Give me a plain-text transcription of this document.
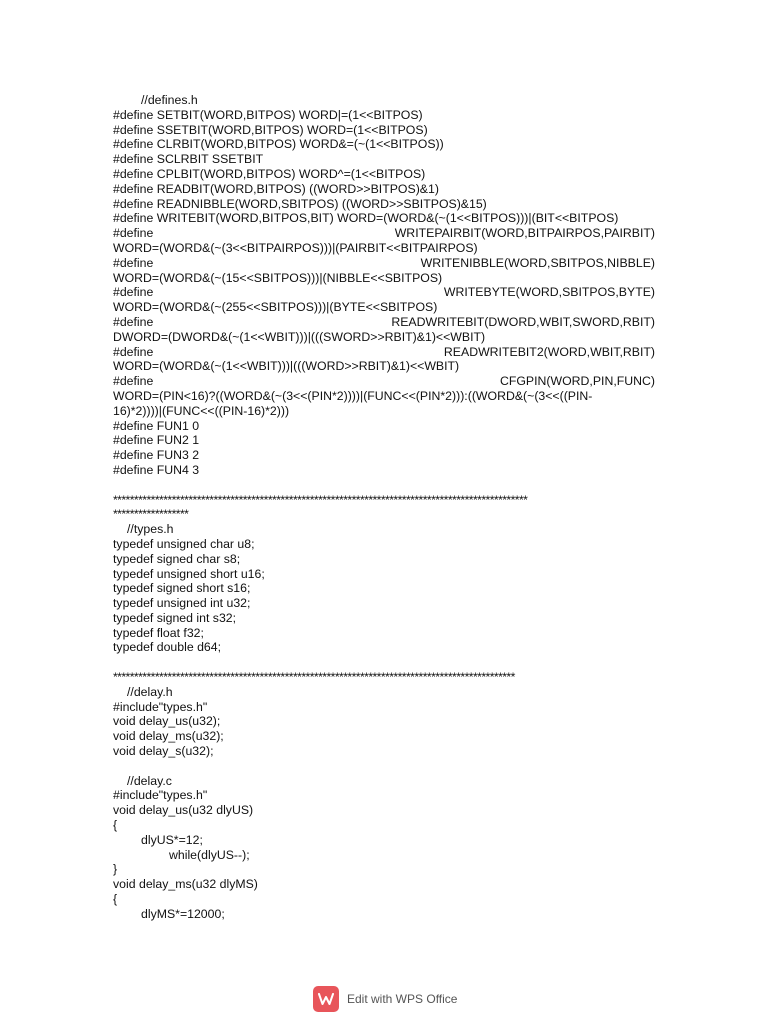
//defines.h
#define SETBIT(WORD,BITPOS) WORD|=(1<<BITPOS)
#define SSETBIT(WORD,BITPOS) WORD=(1<<BITPOS)
#define CLRBIT(WORD,BITPOS) WORD&=(~(1<<BITPOS))
#define SCLRBIT SSETBIT
#define CPLBIT(WORD,BITPOS) WORD^=(1<<BITPOS)
#define READBIT(WORD,BITPOS) ((WORD>>BITPOS)&1)
#define READNIBBLE(WORD,SBITPOS) ((WORD>>SBITPOS)&15)
#define WRITEBIT(WORD,BITPOS,BIT) WORD=(WORD&(~(1<<BITPOS)))|(BIT<<BITPOS)
#define	WRITEPAIRBIT(WORD,BITPAIRPOS,PAIRBIT)
WORD=(WORD&(~(3<<BITPAIRPOS)))|(PAIRBIT<<BITPAIRPOS)
#define	WRITENIBBLE(WORD,SBITPOS,NIBBLE)
WORD=(WORD&(~(15<<SBITPOS)))|(NIBBLE<<SBITPOS)
#define	WRITEBYTE(WORD,SBITPOS,BYTE)
WORD=(WORD&(~(255<<SBITPOS)))|(BYTE<<SBITPOS)
#define	READWRITEBIT(DWORD,WBIT,SWORD,RBIT)
DWORD=(DWORD&(~(1<<WBIT)))|(((SWORD>>RBIT)&1)<<WBIT)
#define	READWRITEBIT2(WORD,WBIT,RBIT)
WORD=(WORD&(~(1<<WBIT)))|(((WORD>>RBIT)&1)<<WBIT)
#define	CFGPIN(WORD,PIN,FUNC)
WORD=(PIN<16)?((WORD&(~(3<<(PIN*2))))|(FUNC<<(PIN*2))):((WORD&(~(3<<((PIN-
16)*2))))|(FUNC<<((PIN-16)*2)))
#define FUN1 0
#define FUN2 1
#define FUN3 2
#define FUN4 3
***************************************************************************************************
******************
//types.h
typedef unsigned char u8;
typedef signed char s8;
typedef unsigned short u16;
typedef signed short s16;
typedef unsigned int u32;
typedef signed int s32;
typedef float f32;
typedef double d64;
************************************************************************************************
//delay.h
#include"types.h"
void delay_us(u32);
void delay_ms(u32);
void delay_s(u32);
//delay.c
#include"types.h"
void delay_us(u32 dlyUS)
{
dlyUS*=12;
while(dlyUS--);
}
void delay_ms(u32 dlyMS)
{
dlyMS*=12000;
Edit with WPS Office
